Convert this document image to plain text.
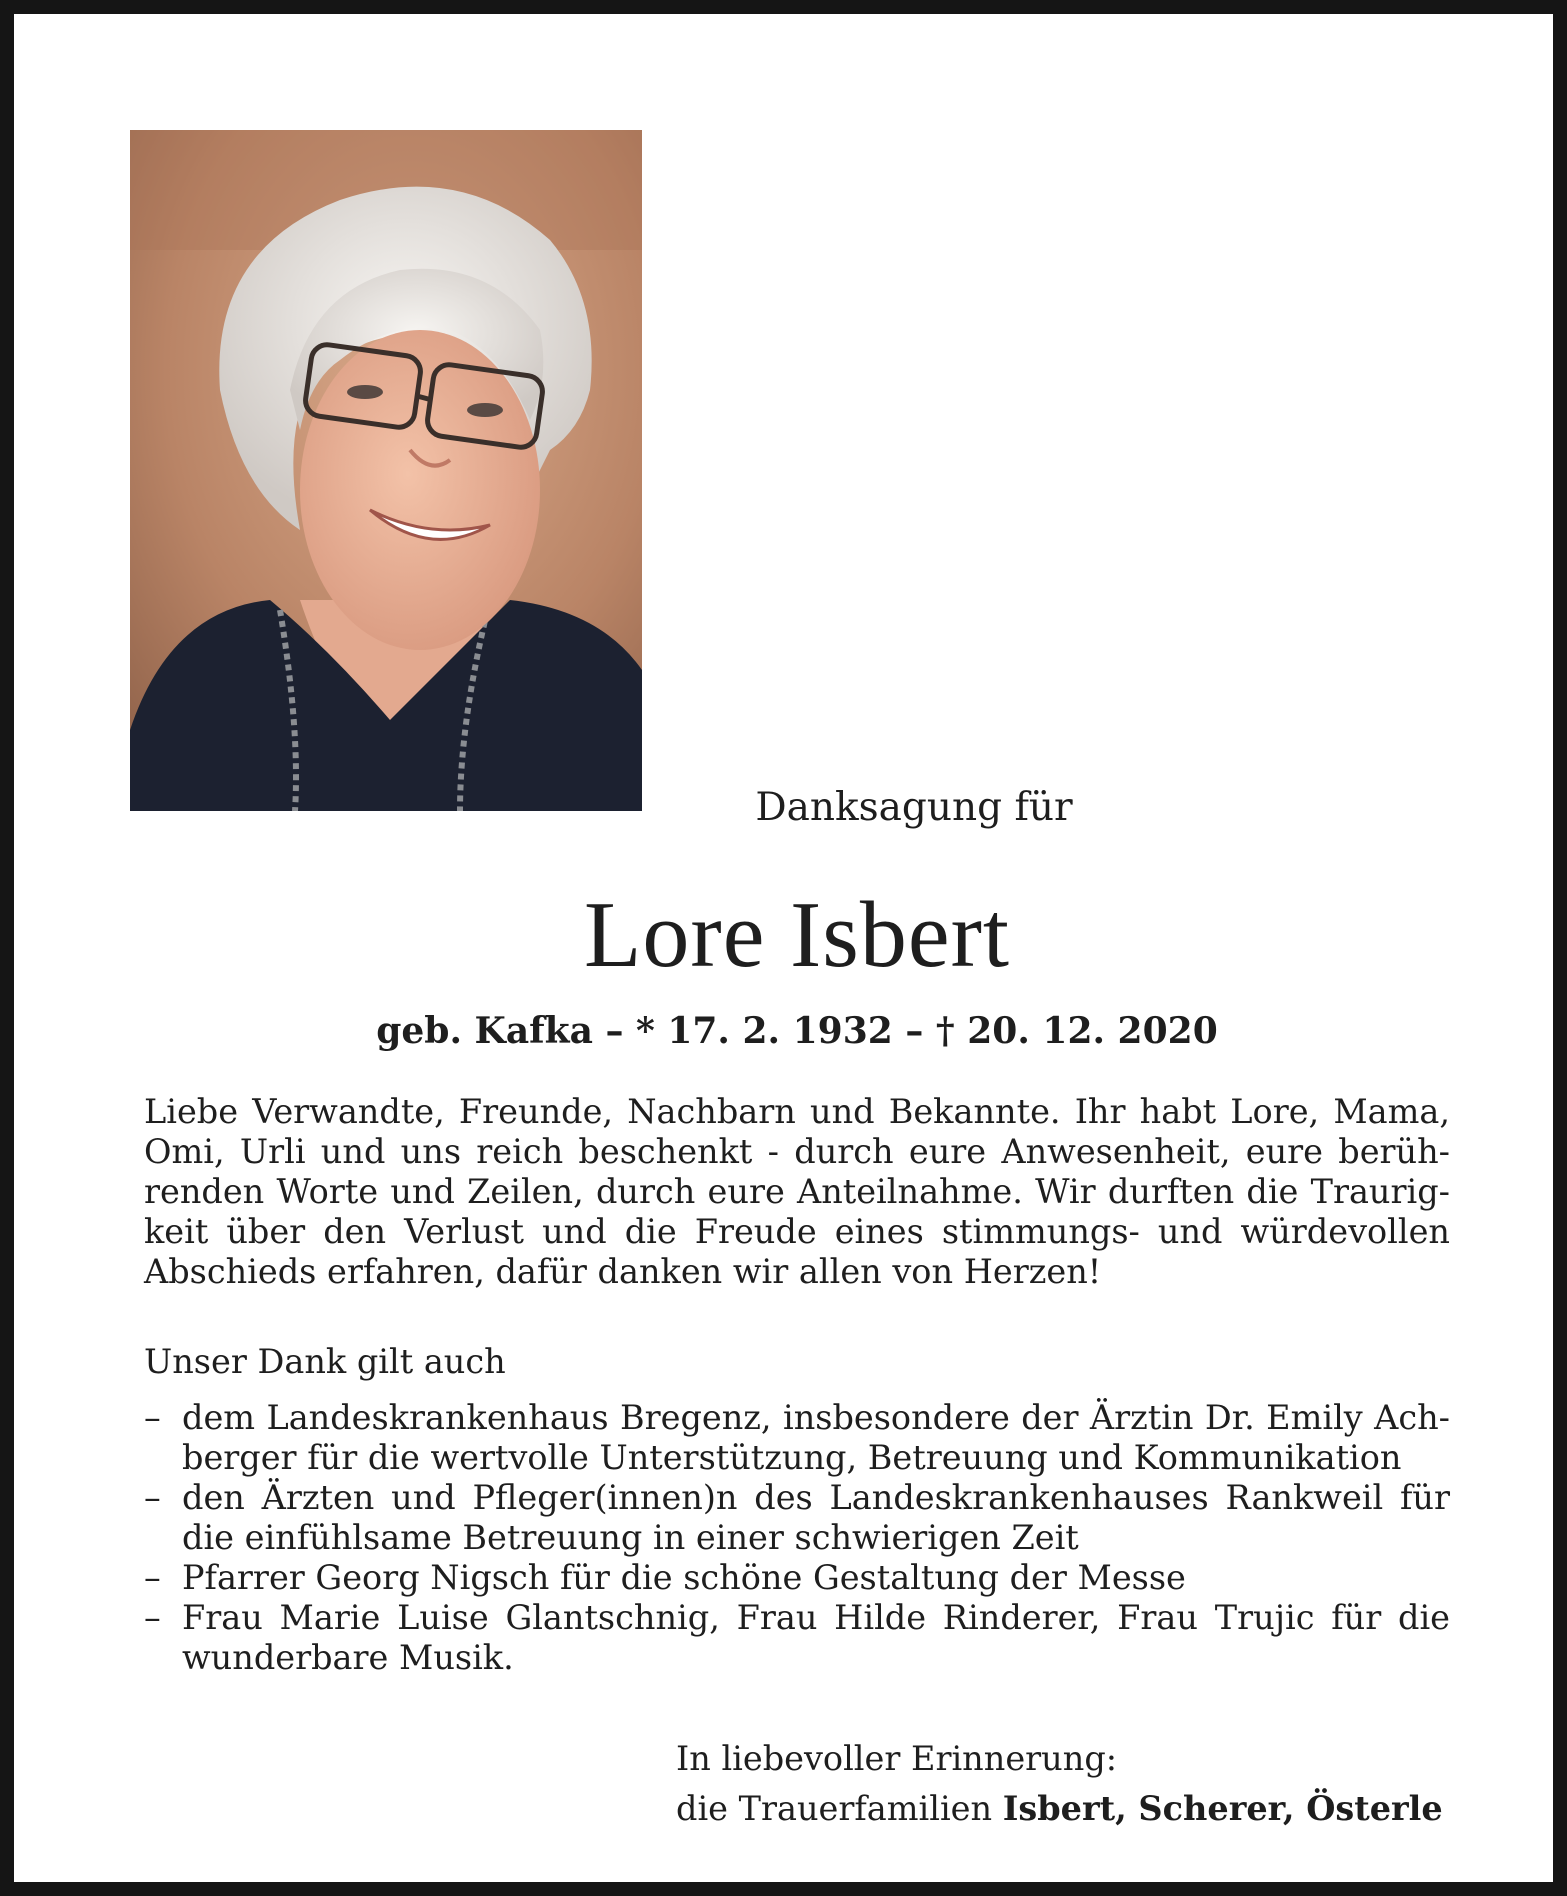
Danksagung für
Lore Isbert
geb. Kafka – * 17. 2. 1932 – † 20. 12. 2020
Liebe Verwandte, Freunde, Nachbarn und Bekannte. Ihr habt Lore, Mama,
Omi, Urli und uns reich beschenkt - durch eure Anwesenheit, eure berüh-
renden Worte und Zeilen, durch eure Anteilnahme. Wir durften die Traurig-
keit über den Verlust und die Freude eines stimmungs- und würdevollen
Abschieds erfahren, dafür danken wir allen von Herzen!
Unser Dank gilt auch
– dem Landeskrankenhaus Bregenz, insbesondere der Ärztin Dr. Emily Ach-
berger für die wertvolle Unterstützung, Betreuung und Kommunikation
– den Ärzten und Pfleger(innen)n des Landeskrankenhauses Rankweil für
die einfühlsame Betreuung in einer schwierigen Zeit
– Pfarrer Georg Nigsch für die schöne Gestaltung der Messe
– Frau Marie Luise Glantschnig, Frau Hilde Rinderer, Frau Trujic für die
wunderbare Musik.
In liebevoller Erinnerung:
die Trauerfamilien Isbert, Scherer, Österle
